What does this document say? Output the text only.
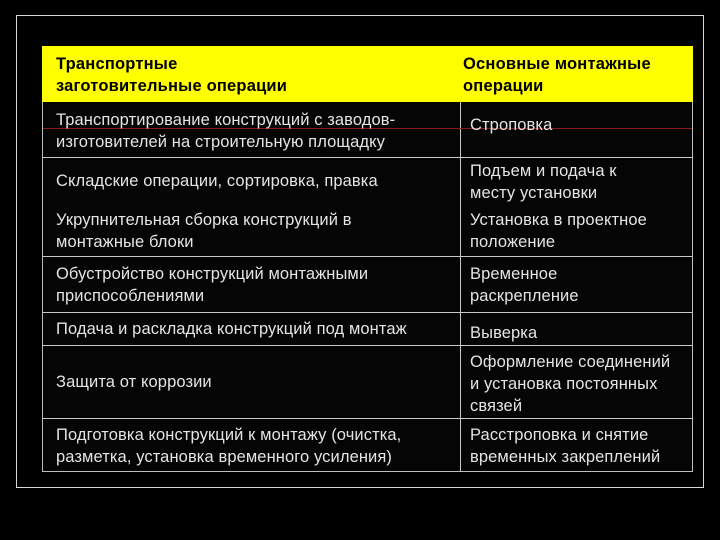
Транспортные
заготовительные операции
Основные монтажные
операции
Транспортирование конструкций с заводов-
изготовителей на строительную площадку
Строповка
Складские операции, сортировка, правка
Подъем и подача к
месту установки
Укрупнительная сборка конструкций в
монтажные блоки
Установка в проектное
положение
Обустройство конструкций монтажными
приспособлениями
Временное
раскрепление
Подача и раскладка конструкций под монтаж	Выверка
Защита от коррозии
Оформление соединений
и установка постоянных
связей
Подготовка конструкций к монтажу (очистка,
разметка, установка временного усиления)
Расстроповка и снятие
временных закреплений
